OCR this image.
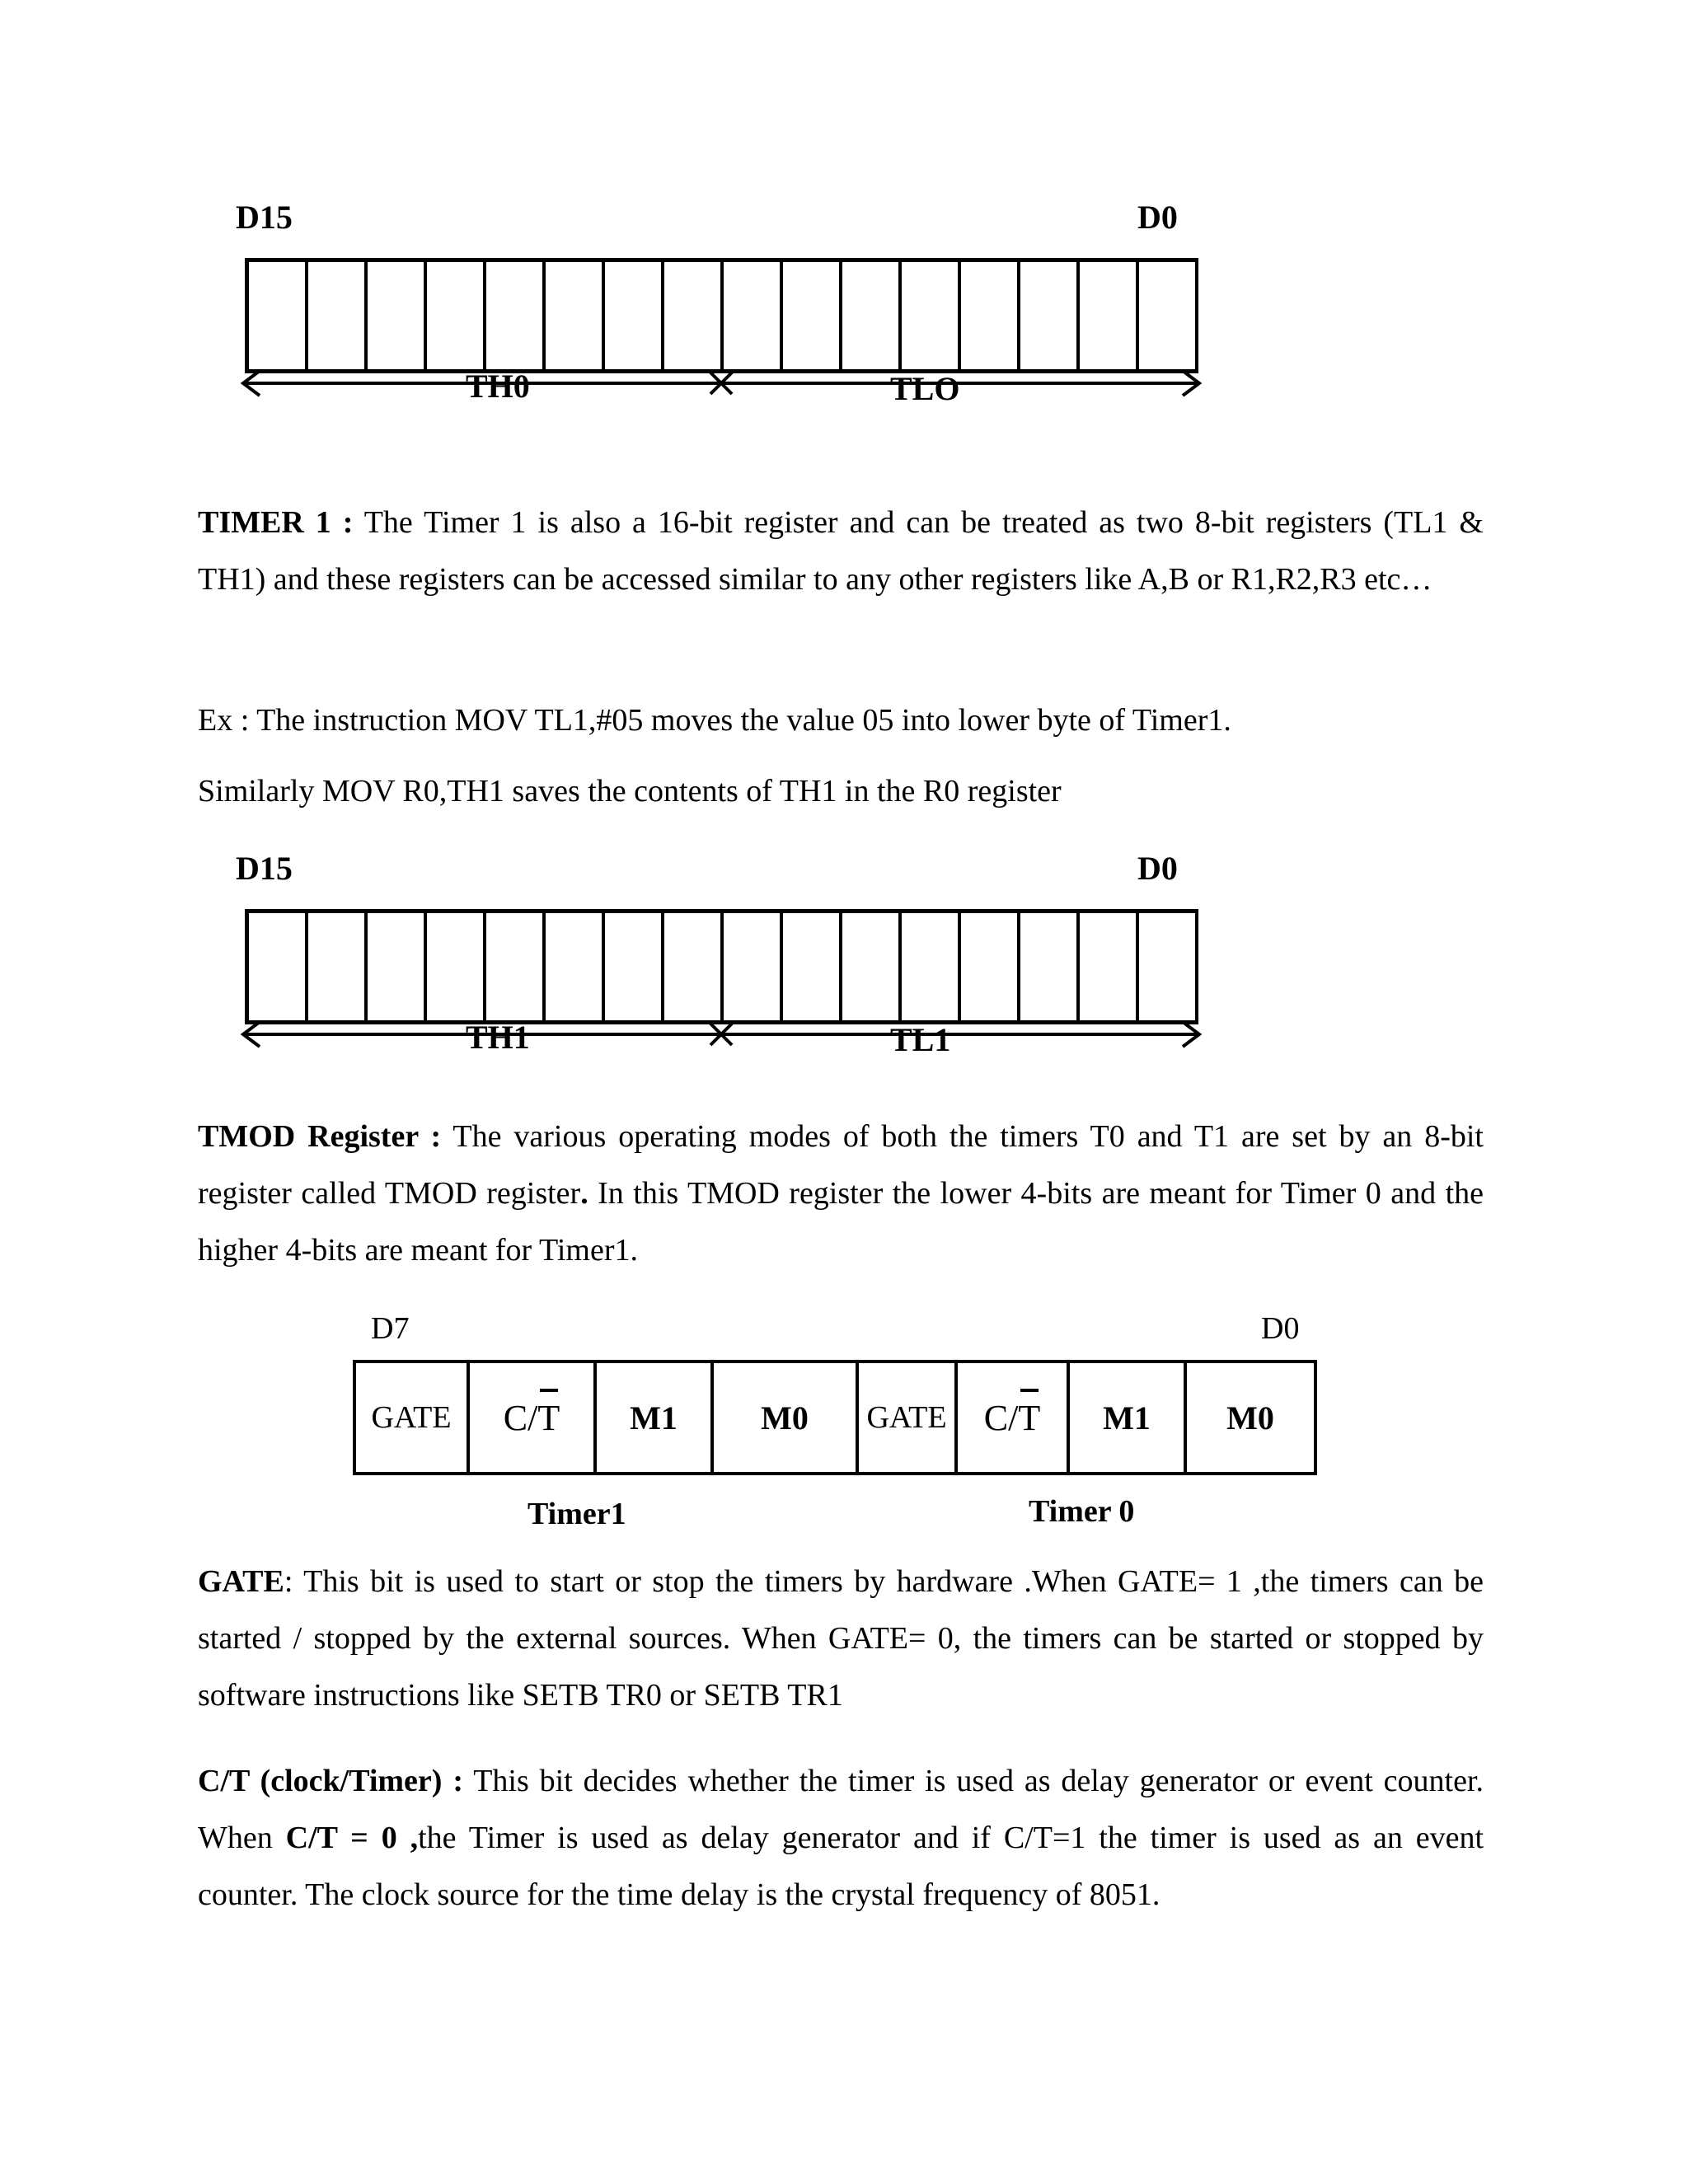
D15	D0
TH0	TLO

TIMER 1 : The Timer 1 is also a 16-bit register and can be treated as two 8-bit registers (TL1 & TH1) and these registers can be accessed similar to any other registers like A,B or R1,R2,R3 etc…

Ex : The instruction MOV TL1,#05 moves the value 05 into lower byte of Timer1.

Similarly MOV R0,TH1 saves the contents of TH1 in the R0 register

D15	D0
TH1	TL1

TMOD Register : The various operating modes of both the timers T0 and T1 are set by an 8-bit register called TMOD register. In this TMOD register the lower 4-bits are meant for Timer 0 and the higher 4-bits are meant for Timer1.

D7	D0
GATE C/T M1	M0 GATE C/T M1 M0
Timer1	Timer 0

GATE: This bit is used to start or stop the timers by hardware .When GATE= 1 ,the timers can be started / stopped by the external sources. When GATE= 0, the timers can be started or stopped by software instructions like SETB TR0 or SETB TR1

C/T (clock/Timer) : This bit decides whether the timer is used as delay generator or event counter. When C/T = 0 ,the Timer is used as delay generator and if C/T=1 the timer is used as an event counter. The clock source for the time delay is the crystal frequency of 8051.
